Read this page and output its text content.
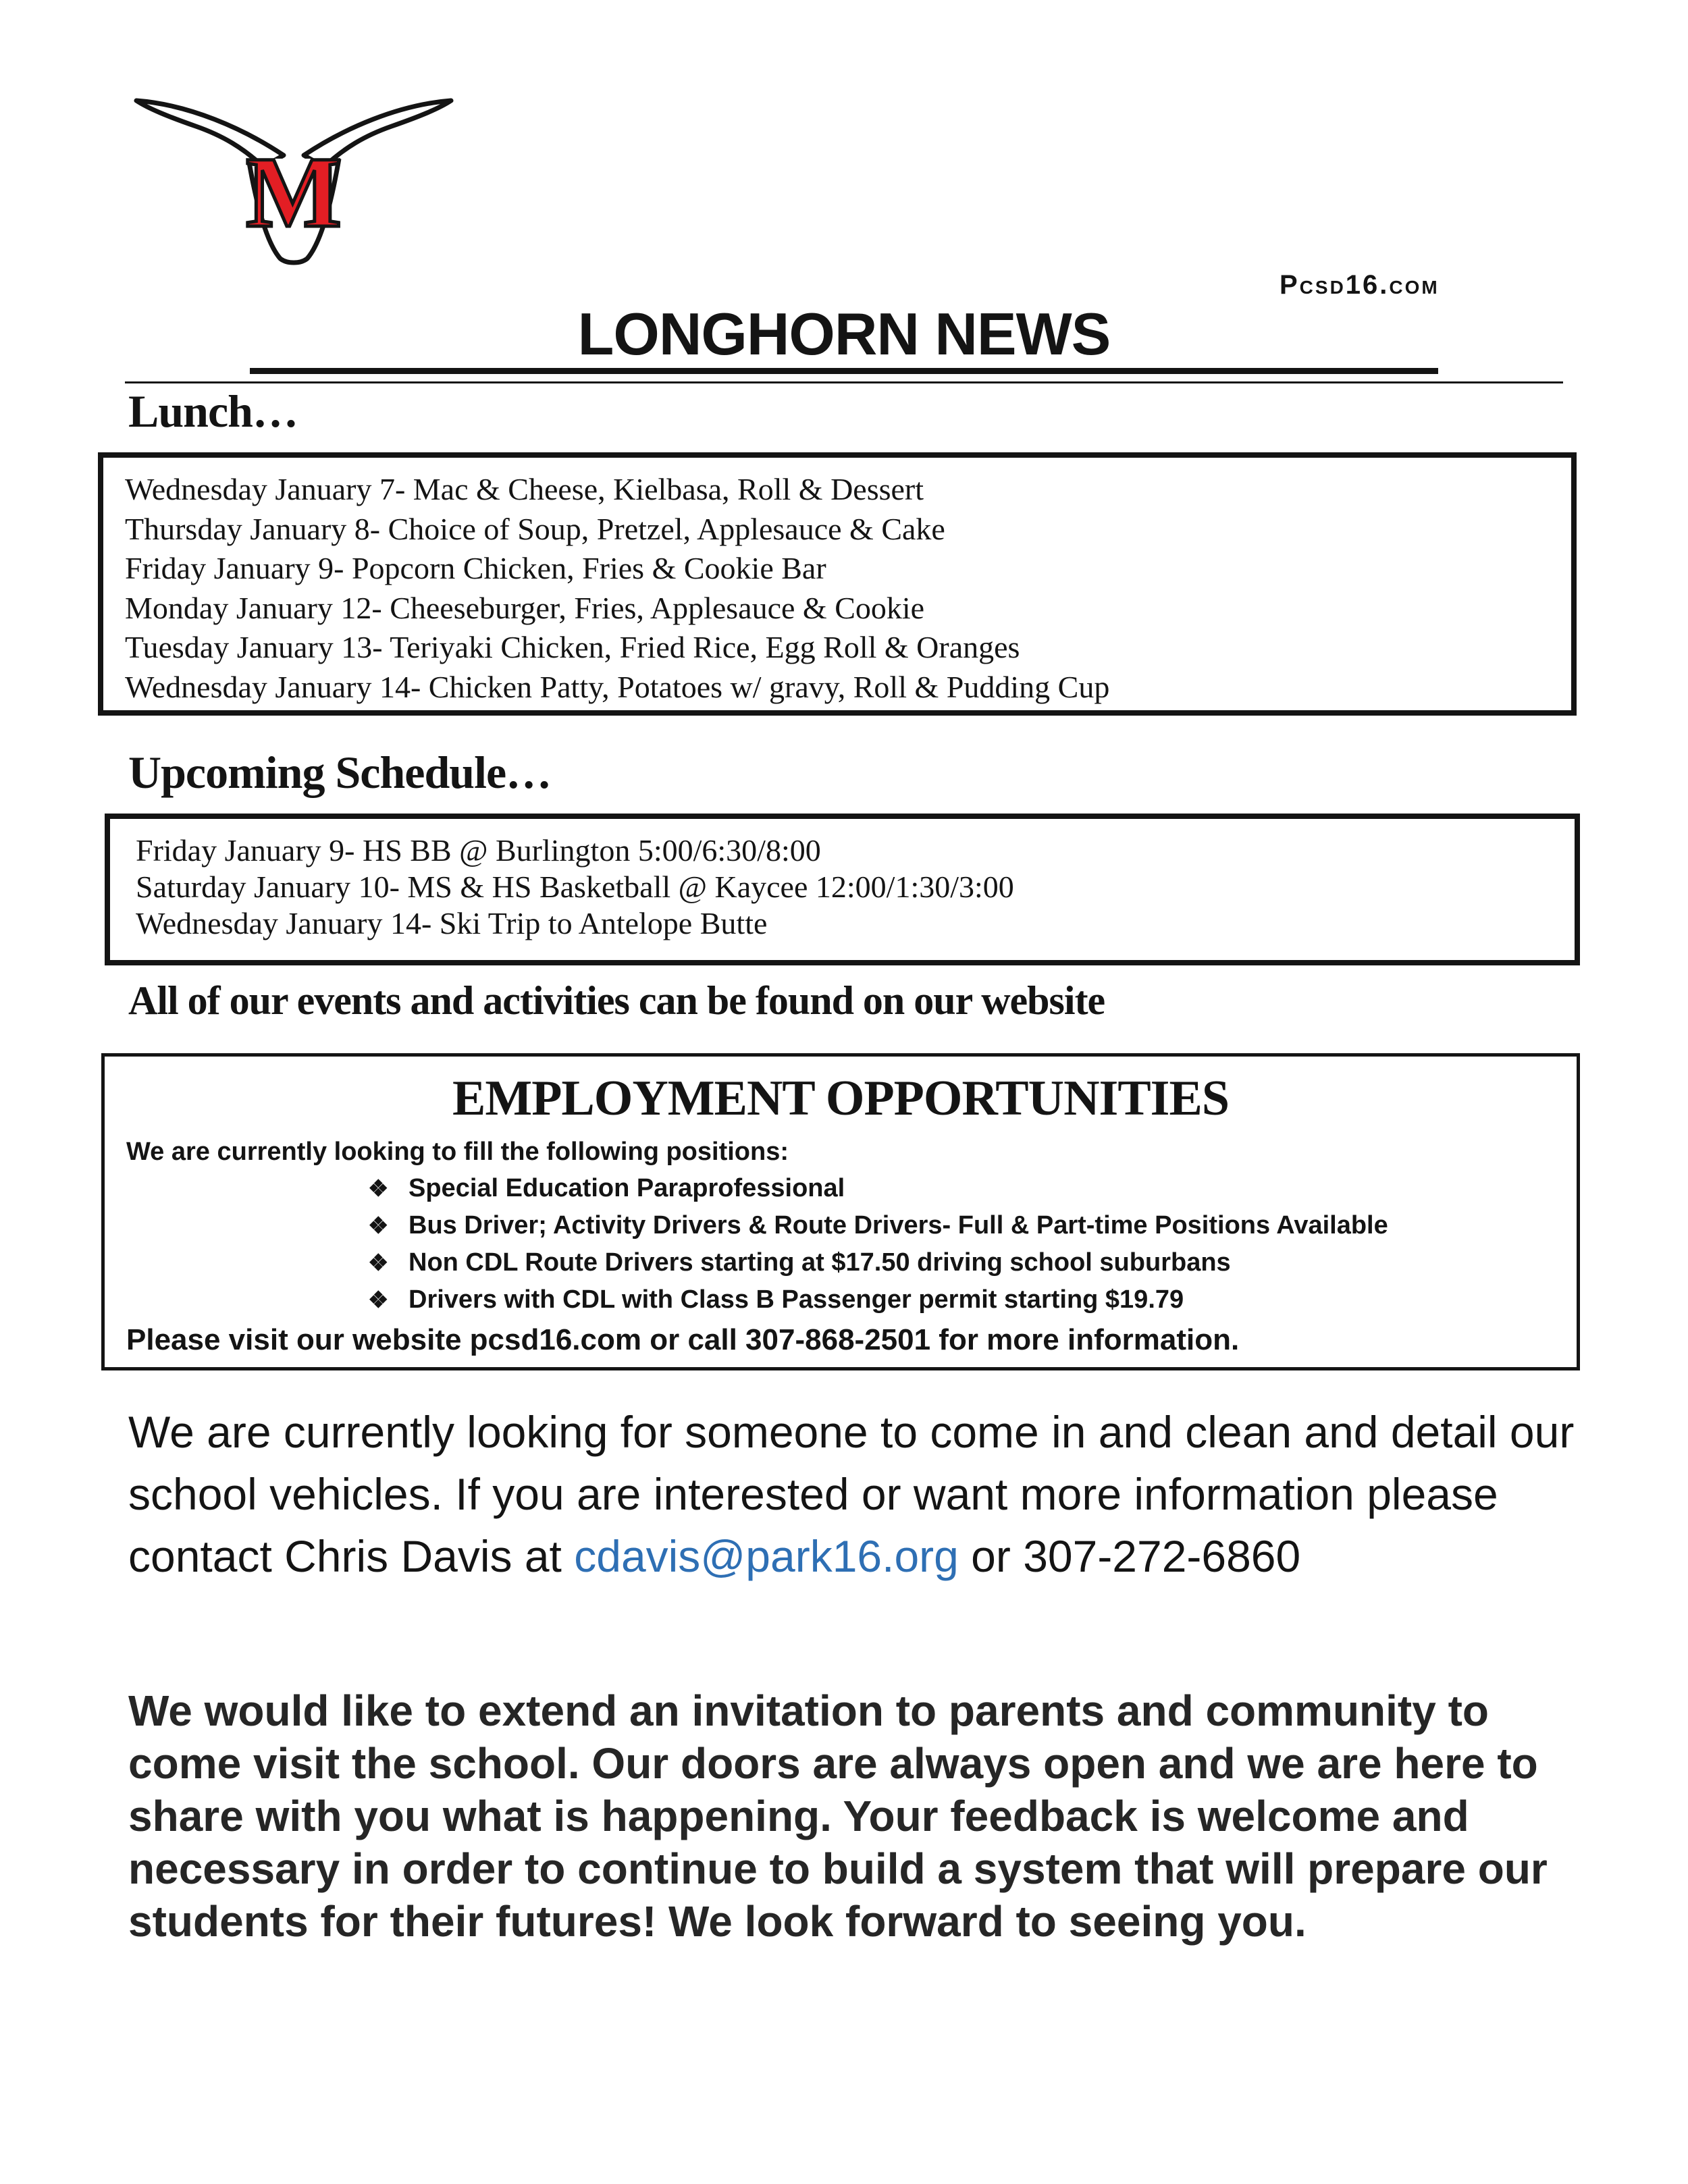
M
Pcsd16.com
LONGHORN NEWS
Lunch…
Wednesday January 7- Mac & Cheese, Kielbasa, Roll & Dessert
Thursday January 8- Choice of Soup, Pretzel, Applesauce & Cake
Friday January 9- Popcorn Chicken, Fries & Cookie Bar
Monday January 12- Cheeseburger, Fries, Applesauce & Cookie
Tuesday January 13- Teriyaki Chicken, Fried Rice, Egg Roll & Oranges
Wednesday January 14- Chicken Patty, Potatoes w/ gravy, Roll & Pudding Cup
Upcoming Schedule…
Friday January 9- HS BB @ Burlington 5:00/6:30/8:00
Saturday January 10- MS & HS Basketball @ Kaycee 12:00/1:30/3:00
Wednesday January 14- Ski Trip to Antelope Butte
All of our events and activities can be found on our website
EMPLOYMENT OPPORTUNITIES
We are currently looking to fill the following positions:
❖ Special Education Paraprofessional
❖ Bus Driver; Activity Drivers & Route Drivers- Full & Part-time Positions Available
❖ Non CDL Route Drivers starting at $17.50 driving school suburbans
❖ Drivers with CDL with Class B Passenger permit starting $19.79
Please visit our website pcsd16.com or call 307-868-2501 for more information.
We are currently looking for someone to come in and clean and detail our school vehicles. If you are interested or want more information please contact Chris Davis at cdavis@park16.org or 307-272-6860
We would like to extend an invitation to parents and community to come visit the school. Our doors are always open and we are here to share with you what is happening. Your feedback is welcome and necessary in order to continue to build a system that will prepare our students for their futures! We look forward to seeing you.
